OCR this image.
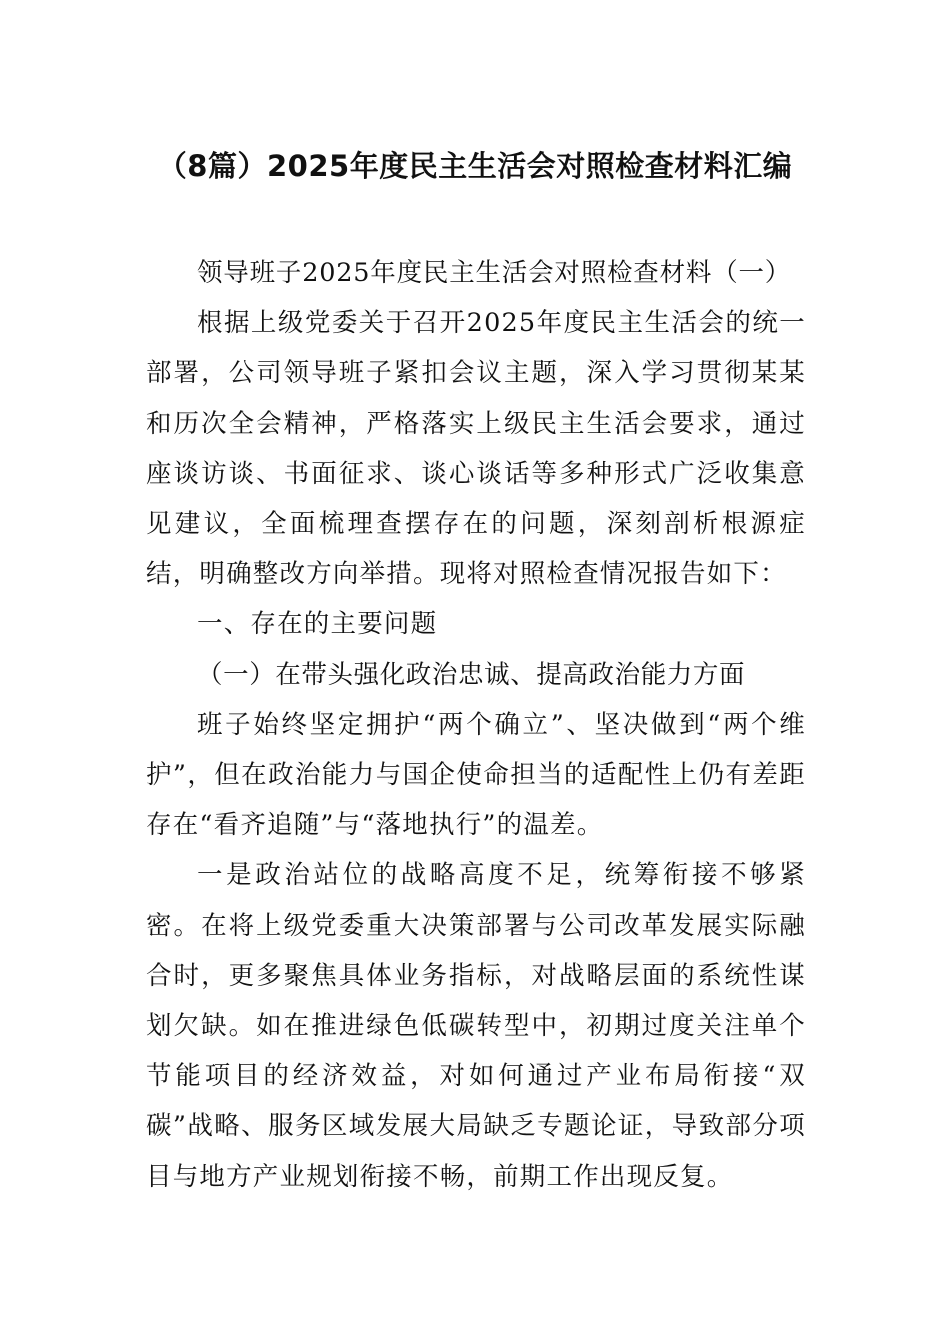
（8篇）2025年度民主生活会对照检查材料汇编

领导班子2025年度民主生活会对照检查材料（一）

根据上级党委关于召开2025年度民主生活会的统一部署，公司领导班子紧扣会议主题，深入学习贯彻某某和历次全会精神，严格落实上级民主生活会要求，通过座谈访谈、书面征求、谈心谈话等多种形式广泛收集意见建议，全面梳理查摆存在的问题，深刻剖析根源症结，明确整改方向举措。现将对照检查情况报告如下：

一、存在的主要问题

（一）在带头强化政治忠诚、提高政治能力方面

班子始终坚定拥护“两个确立”、坚决做到“两个维护”，但在政治能力与国企使命担当的适配性上仍有差距存在“看齐追随”与“落地执行”的温差。

一是政治站位的战略高度不足，统筹衔接不够紧密。在将上级党委重大决策部署与公司改革发展实际融合时，更多聚焦具体业务指标，对战略层面的系统性谋划欠缺。如在推进绿色低碳转型中，初期过度关注单个节能项目的经济效益，对如何通过产业布局衔接“双碳”战略、服务区域发展大局缺乏专题论证，导致部分项目与地方产业规划衔接不畅，前期工作出现反复。
